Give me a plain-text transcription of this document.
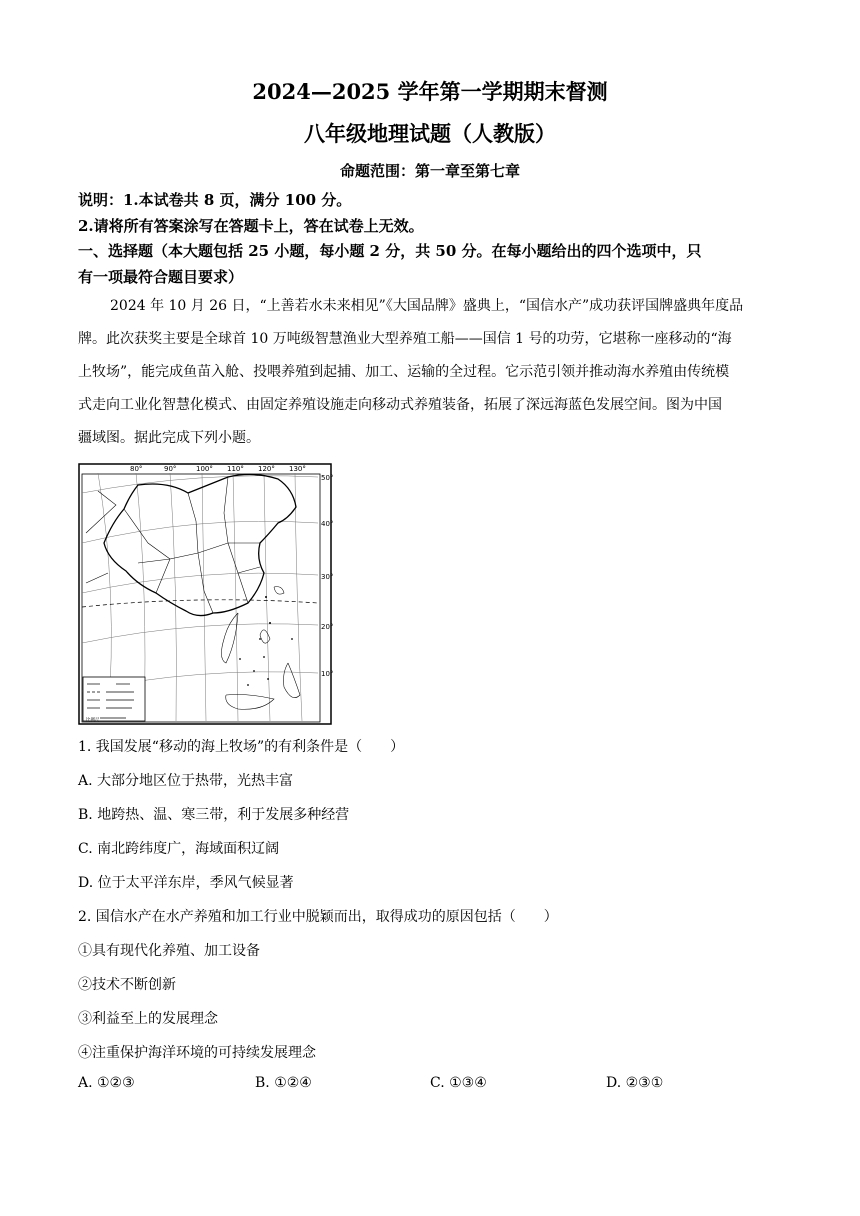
2024—2025 学年第一学期期末督测
八年级地理试题（人教版）
命题范围：第一章至第七章
说明：1.本试卷共 8 页，满分 100 分。
2.请将所有答案涂写在答题卡上，答在试卷上无效。
一、选择题（本大题包括 25 小题，每小题 2 分，共 50 分。在每小题给出的四个选项中，只
有一项最符合题目要求）
2024 年 10 月 26 日，“上善若水未来相见”《大国品牌》盛典上，“国信水产”成功获评国牌盛典年度品
牌。此次获奖主要是全球首 10 万吨级智慧渔业大型养殖工船——国信 1 号的功劳，它堪称一座移动的“海
上牧场”，能完成鱼苗入舱、投喂养殖到起捕、加工、运输的全过程。它示范引领并推动海水养殖由传统模
式走向工业化智慧化模式、由固定养殖设施走向移动式养殖装备，拓展了深远海蓝色发展空间。图为中国
疆域图。据此完成下列小题。
80°	90°	100° 110° 120° 130°
50°
40°
30°
20°
10°
比例尺
1. 我国发展“移动的海上牧场”的有利条件是（　　）
A. 大部分地区位于热带，光热丰富
B. 地跨热、温、寒三带，利于发展多种经营
C. 南北跨纬度广，海域面积辽阔
D. 位于太平洋东岸，季风气候显著
2. 国信水产在水产养殖和加工行业中脱颖而出，取得成功的原因包括（　　）
①具有现代化养殖、加工设备
②技术不断创新
③利益至上的发展理念
④注重保护海洋环境的可持续发展理念
A. ①②③	B. ①②④	C. ①③④	D. ②③①
